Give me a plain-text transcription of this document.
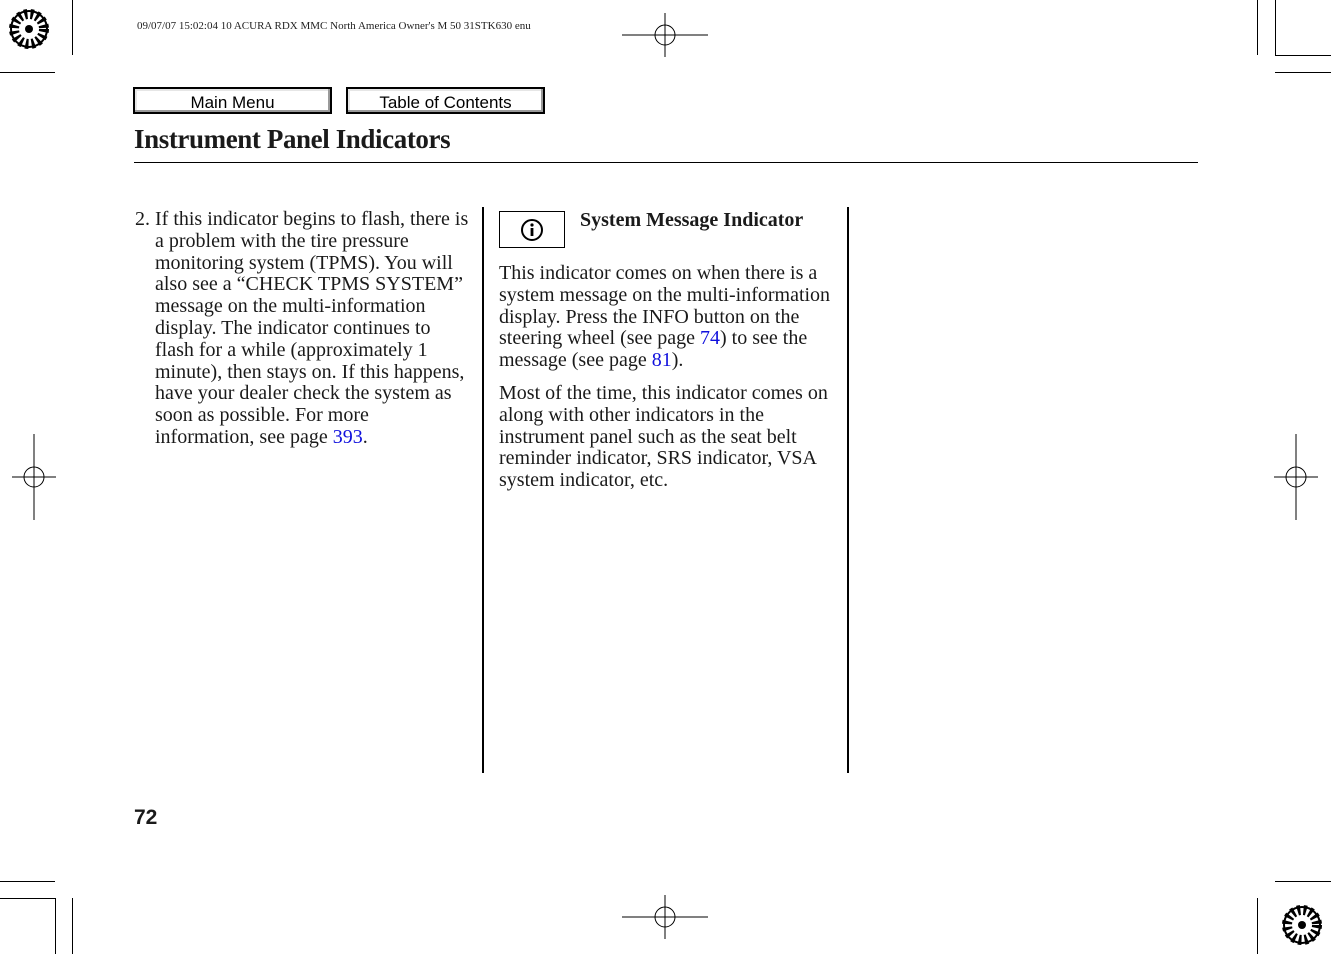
09/07/07 15:02:04 10 ACURA RDX MMC North America Owner's M 50 31STK630 enu
Main Menu	Table of Contents
Instrument Panel Indicators
2. If this indicator begins to flash, there is a problem with the tire pressure monitoring system (TPMS). You will also see a “CHECK TPMS SYSTEM” message on the multi-information display. The indicator continues to flash for a while (approximately 1 minute), then stays on. If this happens, have your dealer check the system as soon as possible. For more information, see page 393.
System Message Indicator

This indicator comes on when there is a system message on the multi-information display. Press the INFO button on the steering wheel (see page 74) to see the message (see page 81).

Most of the time, this indicator comes on along with other indicators in the instrument panel such as the seat belt reminder indicator, SRS indicator, VSA system indicator, etc.

72
